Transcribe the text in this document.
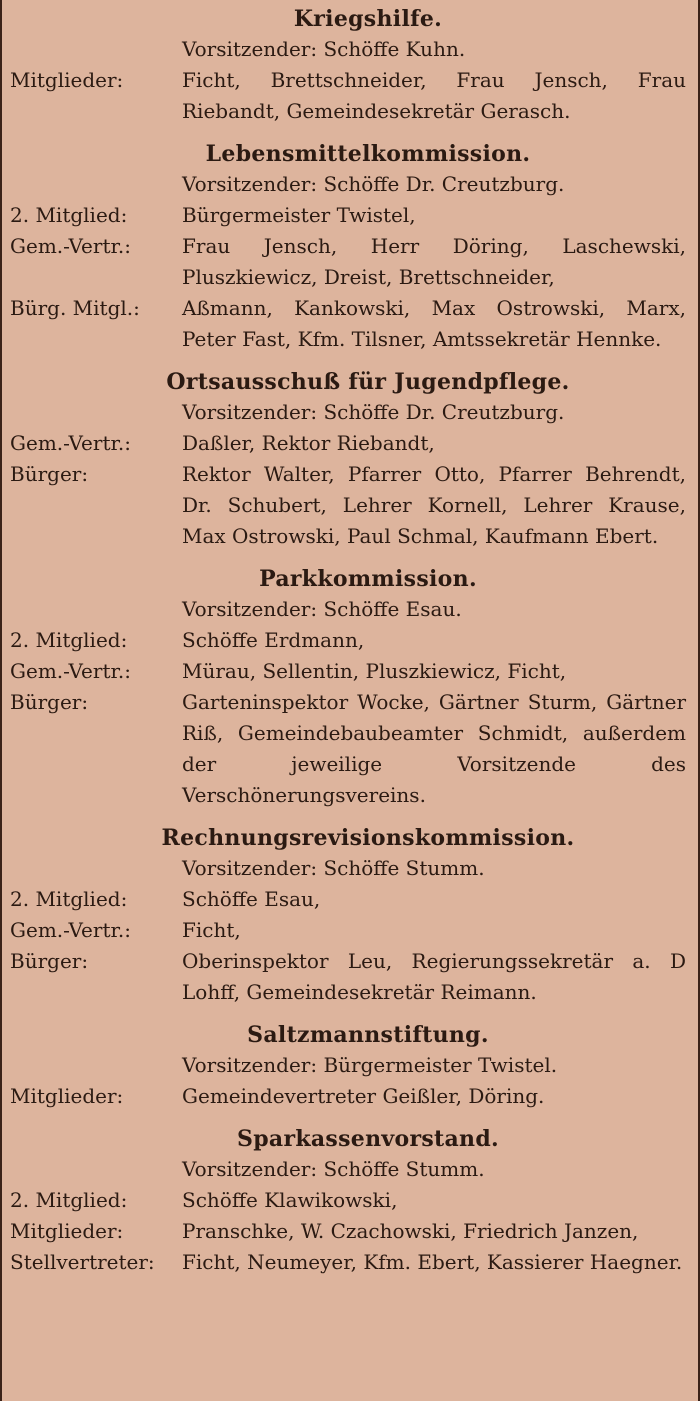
Kriegshilfe.
Vorsitzender: Schöffe Kuhn.
Mitglieder:	Ficht, Brettschneider, Frau Jensch, Frau Riebandt, Gemeindesekretär Gerasch.
Lebensmittelkommission.
Vorsitzender: Schöffe Dr. Creutzburg.
2. Mitglied:	Bürgermeister Twistel,
Gem.-Vertr.:	Frau Jensch, Herr Döring, Laschewski, Pluszkiewicz, Dreist, Brettschneider,
Bürg. Mitgl.:	Aßmann, Kankowski, Max Ostrowski, Marx, Peter Fast, Kfm. Tilsner, Amtssekretär Hennke.
Ortsausschuß für Jugendpflege.
Vorsitzender: Schöffe Dr. Creutzburg.
Gem.-Vertr.:	Daßler, Rektor Riebandt,
Bürger:	Rektor Walter, Pfarrer Otto, Pfarrer Behrendt, Dr. Schubert, Lehrer Kornell, Lehrer Krause, Max Ostrowski, Paul Schmal, Kaufmann Ebert.
Parkkommission.
Vorsitzender: Schöffe Esau.
2. Mitglied:	Schöffe Erdmann,
Gem.-Vertr.:	Mürau, Sellentin, Pluszkiewicz, Ficht,
Bürger:	Garteninspektor Wocke, Gärtner Sturm, Gärtner Riß, Gemeindebaubeamter Schmidt, außerdem der jeweilige Vorsitzende des Verschönerungsvereins.
Rechnungsrevisionskommission.
Vorsitzender: Schöffe Stumm.
2. Mitglied:	Schöffe Esau,
Gem.-Vertr.:	Ficht,
Bürger:	Oberinspektor Leu, Regierungssekretär a. D Lohff, Gemeindesekretär Reimann.
Saltzmannstiftung.
Vorsitzender: Bürgermeister Twistel.
Mitglieder:	Gemeindevertreter Geißler, Döring.
Sparkassenvorstand.
Vorsitzender: Schöffe Stumm.
2. Mitglied:	Schöffe Klawikowski,
Mitglieder:	Pranschke, W. Czachowski, Friedrich Janzen,
Stellvertreter:	Ficht, Neumeyer, Kfm. Ebert, Kassierer Haegner.
